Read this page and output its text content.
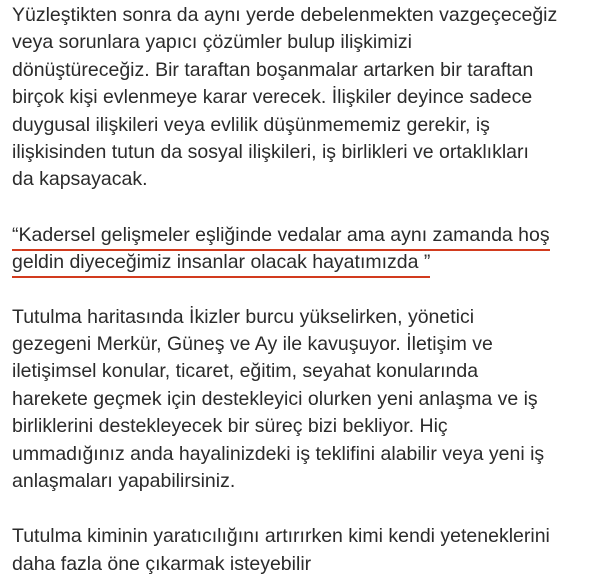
Yüzleştikten sonra da aynı yerde debelenmekten vazgeçeceğiz
veya sorunlara yapıcı çözümler bulup ilişkimizi
dönüştüreceğiz. Bir taraftan boşanmalar artarken bir taraftan
birçok kişi evlenmeye karar verecek. İlişkiler deyince sadece
duygusal ilişkileri veya evlilik düşünmememiz gerekir, iş
ilişkisinden tutun da sosyal ilişkileri, iş birlikleri ve ortaklıkları
da kapsayacak.
“Kadersel gelişmeler eşliğinde vedalar ama aynı zamanda hoş
geldin diyeceğimiz insanlar olacak hayatımızda ”
Tutulma haritasında İkizler burcu yükselirken, yönetici
gezegeni Merkür, Güneş ve Ay ile kavuşuyor. İletişim ve
iletişimsel konular, ticaret, eğitim, seyahat konularında
harekete geçmek için destekleyici olurken yeni anlaşma ve iş
birliklerini destekleyecek bir süreç bizi bekliyor. Hiç
ummadığınız anda hayalinizdeki iş teklifini alabilir veya yeni iş
anlaşmaları yapabilirsiniz.
Tutulma kiminin yaratıcılığını artırırken kimi kendi yeteneklerini
daha fazla öne çıkarmak isteyebilir
